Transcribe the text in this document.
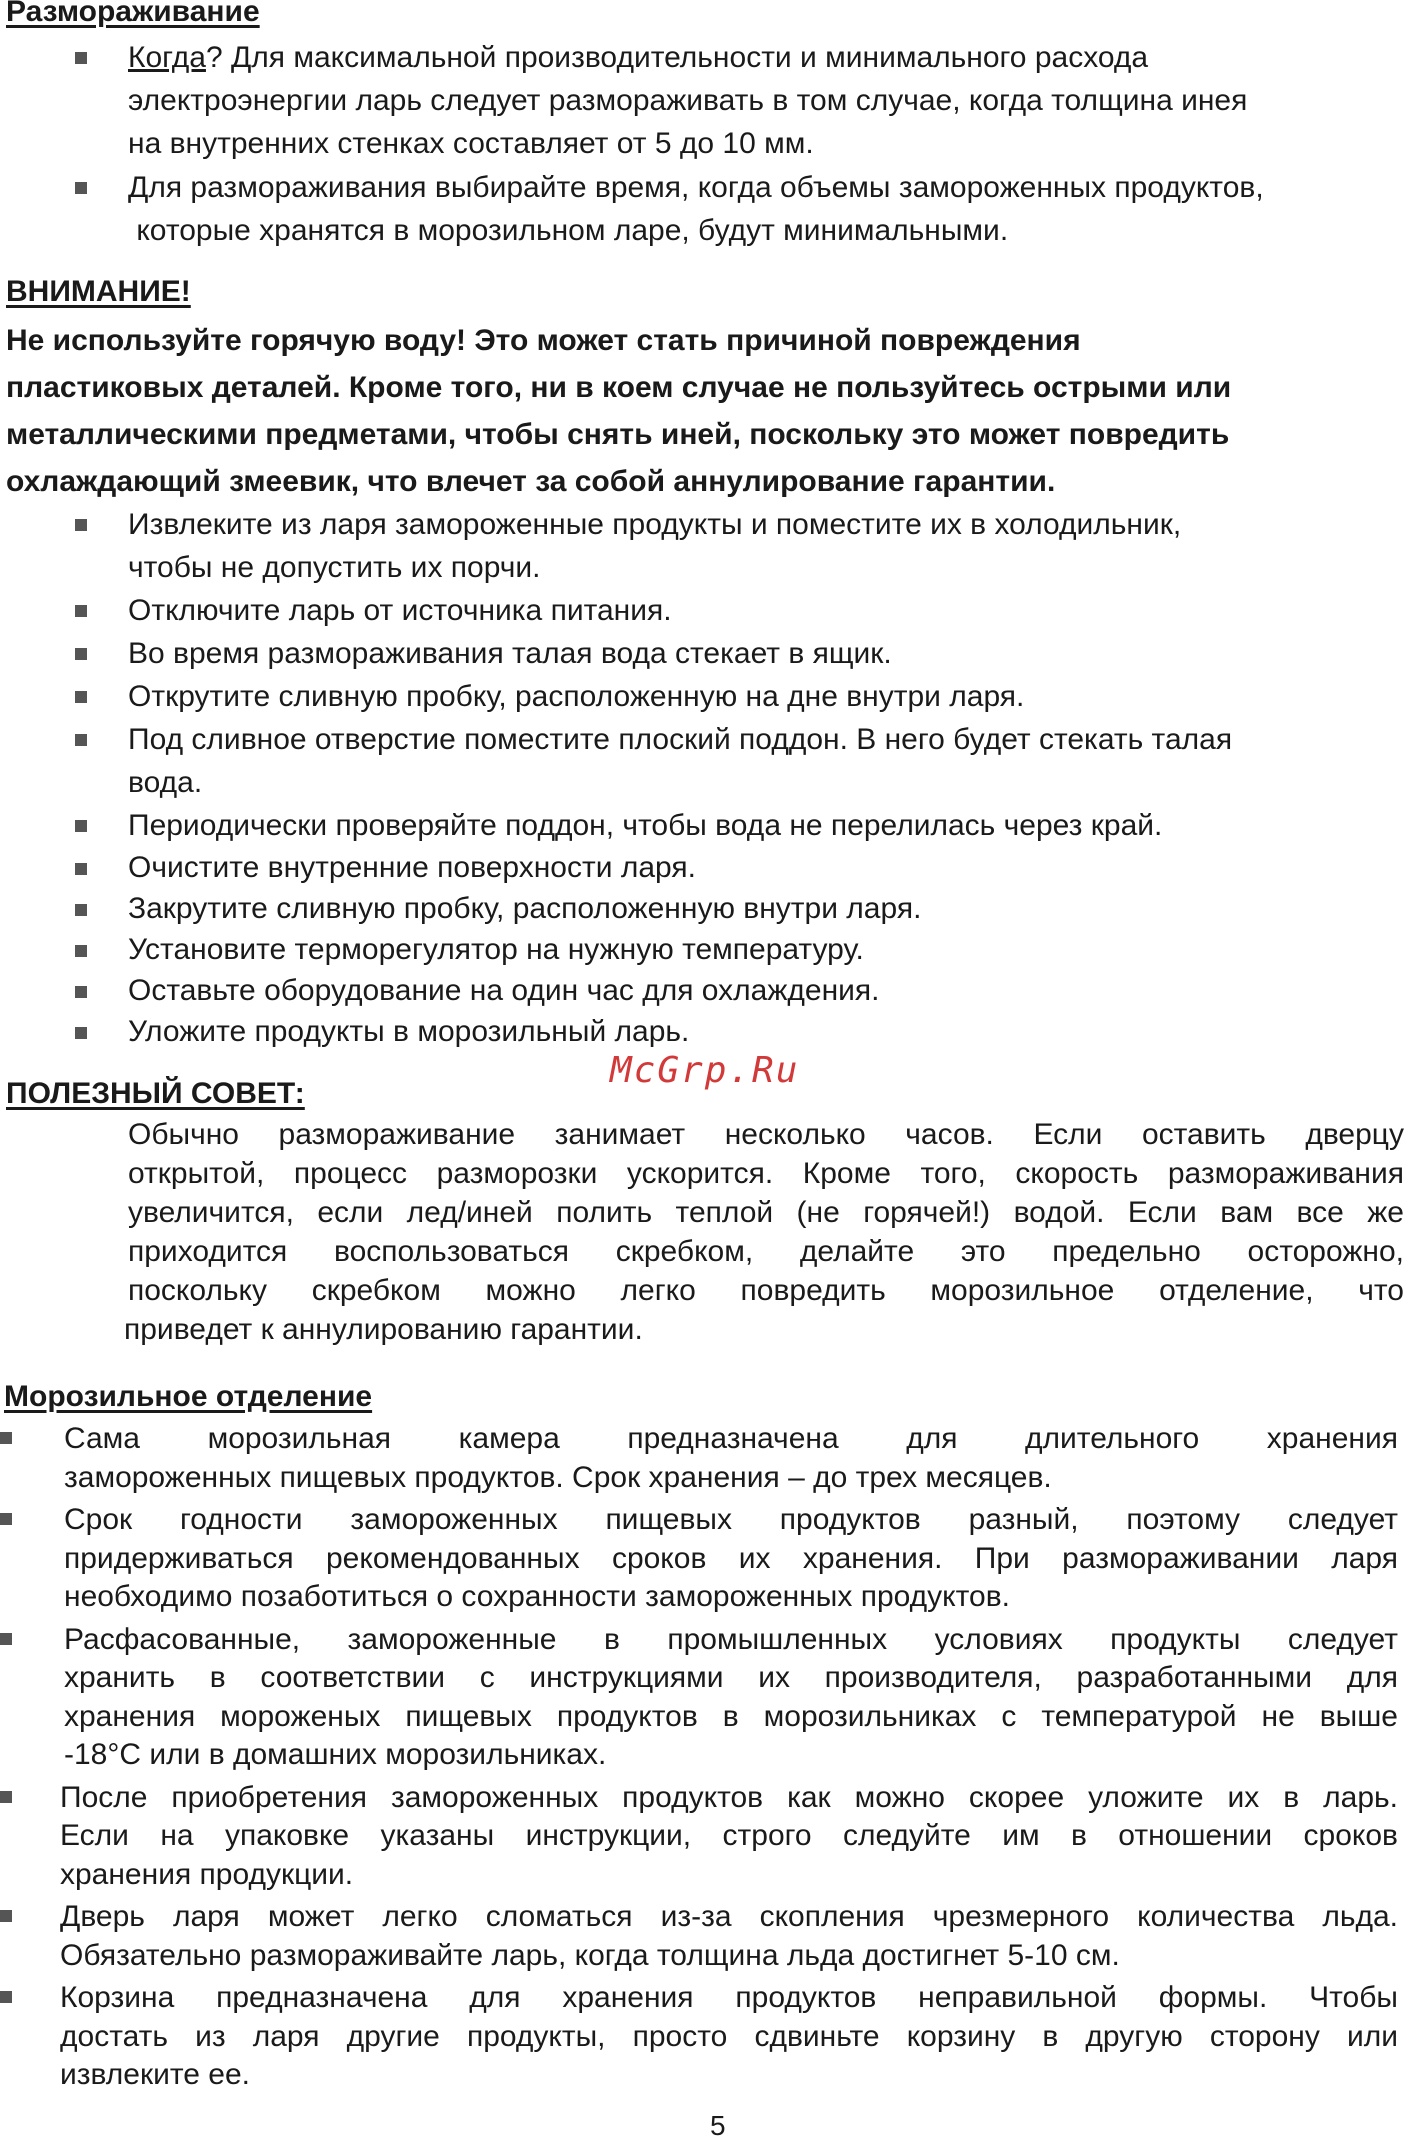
Размораживание
Когда? Для максимальной производительности и минимального расхода
электроэнергии ларь следует размораживать в том случае, когда толщина инея
на внутренних стенках составляет от 5 до 10 мм.
Для размораживания выбирайте время, когда объемы замороженных продуктов,
которые хранятся в морозильном ларе, будут минимальными.
ВНИМАНИЕ!
Не используйте горячую воду! Это может стать причиной повреждения
пластиковых деталей. Кроме того, ни в коем случае не пользуйтесь острыми или
металлическими предметами, чтобы снять иней, поскольку это может повредить
охлаждающий змеевик, что влечет за собой аннулирование гарантии.
Извлеките из ларя замороженные продукты и поместите их в холодильник,
чтобы не допустить их порчи.
Отключите ларь от источника питания.
Во время размораживания талая вода стекает в ящик.
Открутите сливную пробку, расположенную на дне внутри ларя.
Под сливное отверстие поместите плоский поддон. В него будет стекать талая
вода.
Периодически проверяйте поддон, чтобы вода не перелилась через край.
Очистите внутренние поверхности ларя.
Закрутите сливную пробку, расположенную внутри ларя.
Установите терморегулятор на нужную температуру.
Оставьте оборудование на один час для охлаждения.
Уложите продукты в морозильный ларь.
ПОЛЕЗНЫЙ СОВЕТ:
Обычно размораживание занимает несколько часов. Если оставить дверцу
открытой, процесс разморозки ускорится. Кроме того, скорость размораживания
увеличится, если лед/иней полить теплой (не горячей!) водой. Если вам все же
приходится воспользоваться скребком, делайте это предельно осторожно,
поскольку скребком можно легко повредить морозильное отделение, что
приведет к аннулированию гарантии.
McGrp.Ru
Морозильное отделение
Сама морозильная камера предназначена для длительного хранения
замороженных пищевых продуктов. Срок хранения – до трех месяцев.
Срок годности замороженных пищевых продуктов разный, поэтому следует
придерживаться рекомендованных сроков их хранения. При размораживании ларя
необходимо позаботиться о сохранности замороженных продуктов.
Расфасованные, замороженные в промышленных условиях продукты следует
хранить в соответствии с инструкциями их производителя, разработанными для
хранения мороженых пищевых продуктов в морозильниках с температурой не выше
-18°С или в домашних морозильниках.
После приобретения замороженных продуктов как можно скорее уложите их в ларь.
Если на упаковке указаны инструкции, строго следуйте им в отношении сроков
хранения продукции.
Дверь ларя может легко сломаться из-за скопления чрезмерного количества льда.
Обязательно размораживайте ларь, когда толщина льда достигнет 5-10 см.
Корзина предназначена для хранения продуктов неправильной формы. Чтобы
достать из ларя другие продукты, просто сдвиньте корзину в другую сторону или
извлеките ее.
5
